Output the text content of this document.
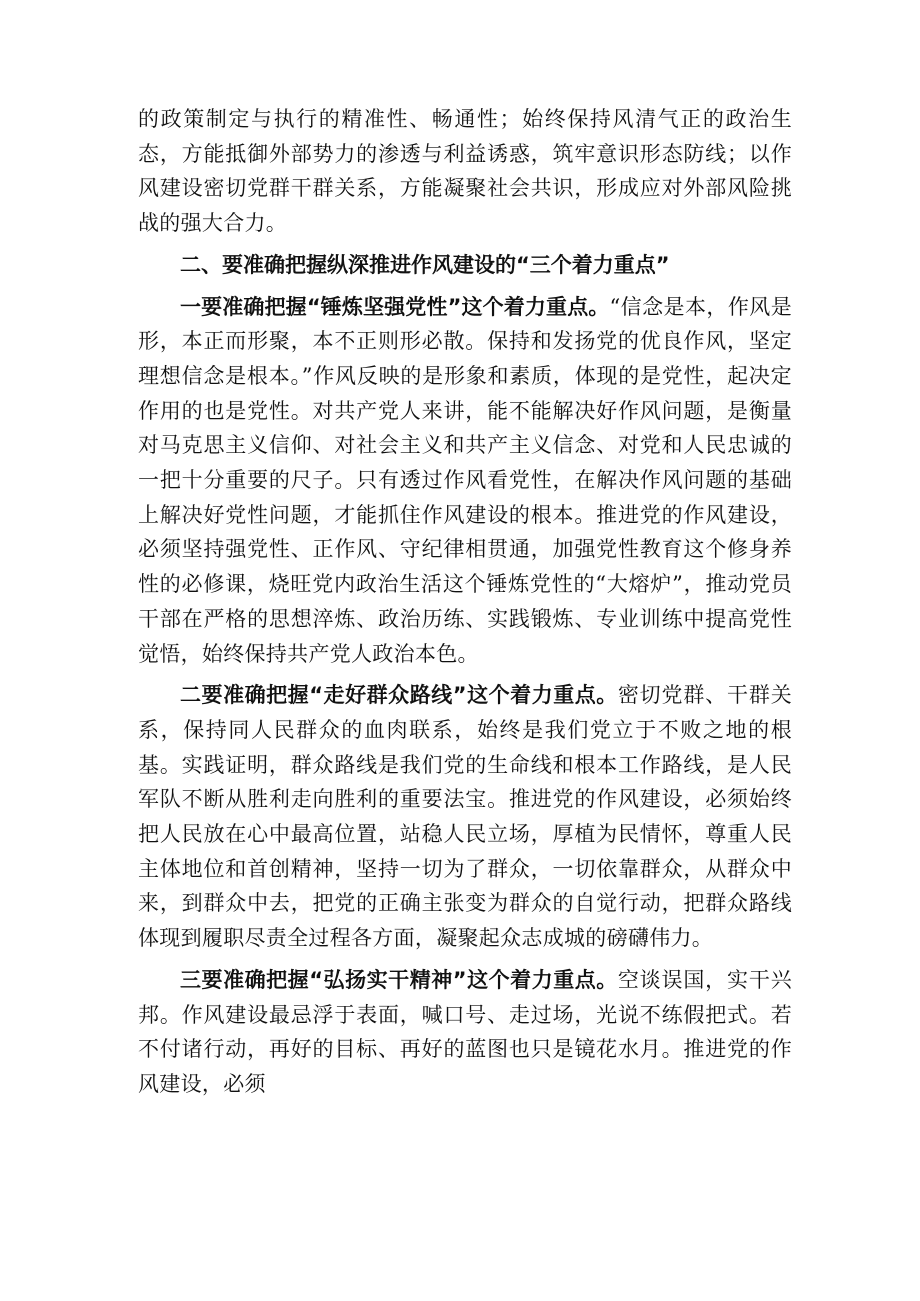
的政策制定与执行的精准性、畅通性；始终保持风清气正的政治生态，方能抵御外部势力的渗透与利益诱惑，筑牢意识形态防线；以作风建设密切党群干群关系，方能凝聚社会共识，形成应对外部风险挑战的强大合力。

二、要准确把握纵深推进作风建设的“三个着力重点”

一要准确把握“锤炼坚强党性”这个着力重点。“信念是本，作风是形，本正而形聚，本不正则形必散。保持和发扬党的优良作风，坚定理想信念是根本。”作风反映的是形象和素质，体现的是党性，起决定作用的也是党性。对共产党人来讲，能不能解决好作风问题，是衡量对马克思主义信仰、对社会主义和共产主义信念、对党和人民忠诚的一把十分重要的尺子。只有透过作风看党性，在解决作风问题的基础上解决好党性问题，才能抓住作风建设的根本。推进党的作风建设，必须坚持强党性、正作风、守纪律相贯通，加强党性教育这个修身养性的必修课，烧旺党内政治生活这个锤炼党性的“大熔炉”，推动党员干部在严格的思想淬炼、政治历练、实践锻炼、专业训练中提高党性觉悟，始终保持共产党人政治本色。

二要准确把握“走好群众路线”这个着力重点。密切党群、干群关系，保持同人民群众的血肉联系，始终是我们党立于不败之地的根基。实践证明，群众路线是我们党的生命线和根本工作路线，是人民军队不断从胜利走向胜利的重要法宝。推进党的作风建设，必须始终把人民放在心中最高位置，站稳人民立场，厚植为民情怀，尊重人民主体地位和首创精神，坚持一切为了群众，一切依靠群众，从群众中来，到群众中去，把党的正确主张变为群众的自觉行动，把群众路线体现到履职尽责全过程各方面，凝聚起众志成城的磅礴伟力。

三要准确把握“弘扬实干精神”这个着力重点。空谈误国，实干兴邦。作风建设最忌浮于表面，喊口号、走过场，光说不练假把式。若不付诸行动，再好的目标、再好的蓝图也只是镜花水月。推进党的作风建设，必须
